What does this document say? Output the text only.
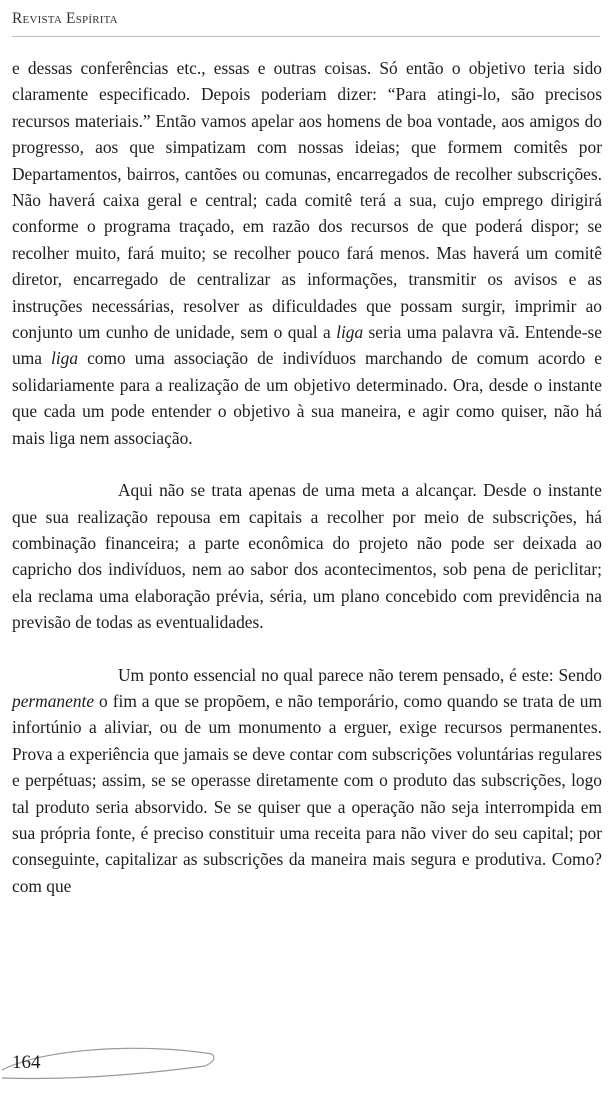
Revista Espírita

e dessas conferências etc., essas e outras coisas. Só então o objetivo teria sido claramente especificado. Depois poderiam dizer: “Para atingi-lo, são precisos recursos materiais.” Então vamos apelar aos homens de boa vontade, aos amigos do progresso, aos que simpatizam com nossas ideias; que formem comitês por Departamentos, bairros, cantões ou comunas, encarregados de recolher subscrições. Não haverá caixa geral e central; cada comitê terá a sua, cujo emprego dirigirá conforme o programa traçado, em razão dos recursos de que poderá dispor; se recolher muito, fará muito; se recolher pouco fará menos. Mas haverá um comitê diretor, encarregado de centralizar as informações, transmitir os avisos e as instruções necessárias, resolver as dificuldades que possam surgir, imprimir ao conjunto um cunho de unidade, sem o qual a liga seria uma palavra vã. Entende-se uma liga como uma associação de indivíduos marchando de comum acordo e solidariamente para a realização de um objetivo determinado. Ora, desde o instante que cada um pode entender o objetivo à sua maneira, e agir como quiser, não há mais liga nem associação.

Aqui não se trata apenas de uma meta a alcançar. Desde o instante que sua realização repousa em capitais a recolher por meio de subscrições, há combinação financeira; a parte econômica do projeto não pode ser deixada ao capricho dos indivíduos, nem ao sabor dos acontecimentos, sob pena de periclitar; ela reclama uma elaboração prévia, séria, um plano concebido com previdência na previsão de todas as eventualidades.

Um ponto essencial no qual parece não terem pensado, é este: Sendo permanente o fim a que se propõem, e não temporário, como quando se trata de um infortúnio a aliviar, ou de um monumento a erguer, exige recursos permanentes. Prova a experiência que jamais se deve contar com subscrições voluntárias regulares e perpétuas; assim, se se operasse diretamente com o produto das subscrições, logo tal produto seria absorvido. Se se quiser que a operação não seja interrompida em sua própria fonte, é preciso constituir uma receita para não viver do seu capital; por conseguinte, capitalizar as subscrições da maneira mais segura e produtiva. Como? com que

164
